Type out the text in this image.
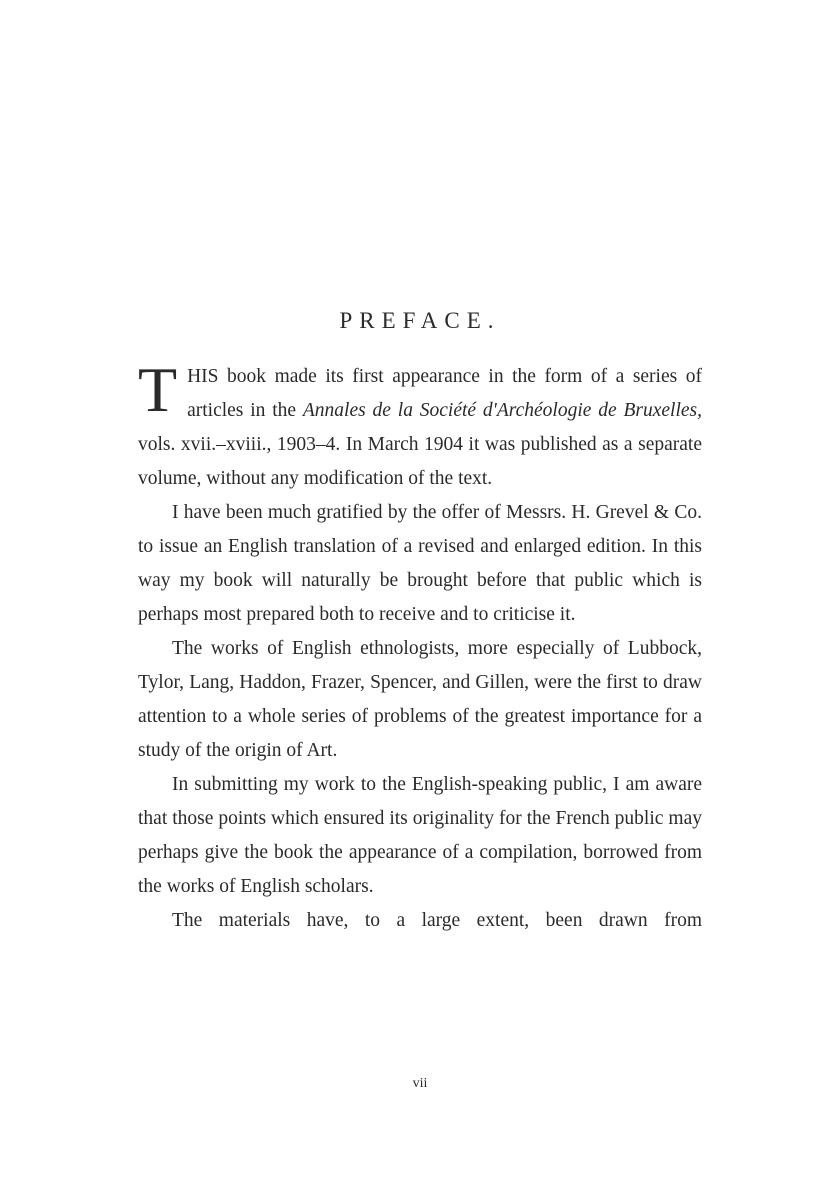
PREFACE.

THIS book made its first appearance in the form of a series of articles in the Annales de la Société d'Archéologie de Bruxelles, vols. xvii.–xviii., 1903–4. In March 1904 it was published as a separate volume, without any modification of the text.

I have been much gratified by the offer of Messrs. H. Grevel & Co. to issue an English translation of a revised and enlarged edition. In this way my book will naturally be brought before that public which is perhaps most prepared both to receive and to criticise it.

The works of English ethnologists, more especially of Lubbock, Tylor, Lang, Haddon, Frazer, Spencer, and Gillen, were the first to draw attention to a whole series of problems of the greatest importance for a study of the origin of Art.

In submitting my work to the English-speaking public, I am aware that those points which ensured its originality for the French public may perhaps give the book the appearance of a compilation, borrowed from the works of English scholars.

The materials have, to a large extent, been drawn from

vii
